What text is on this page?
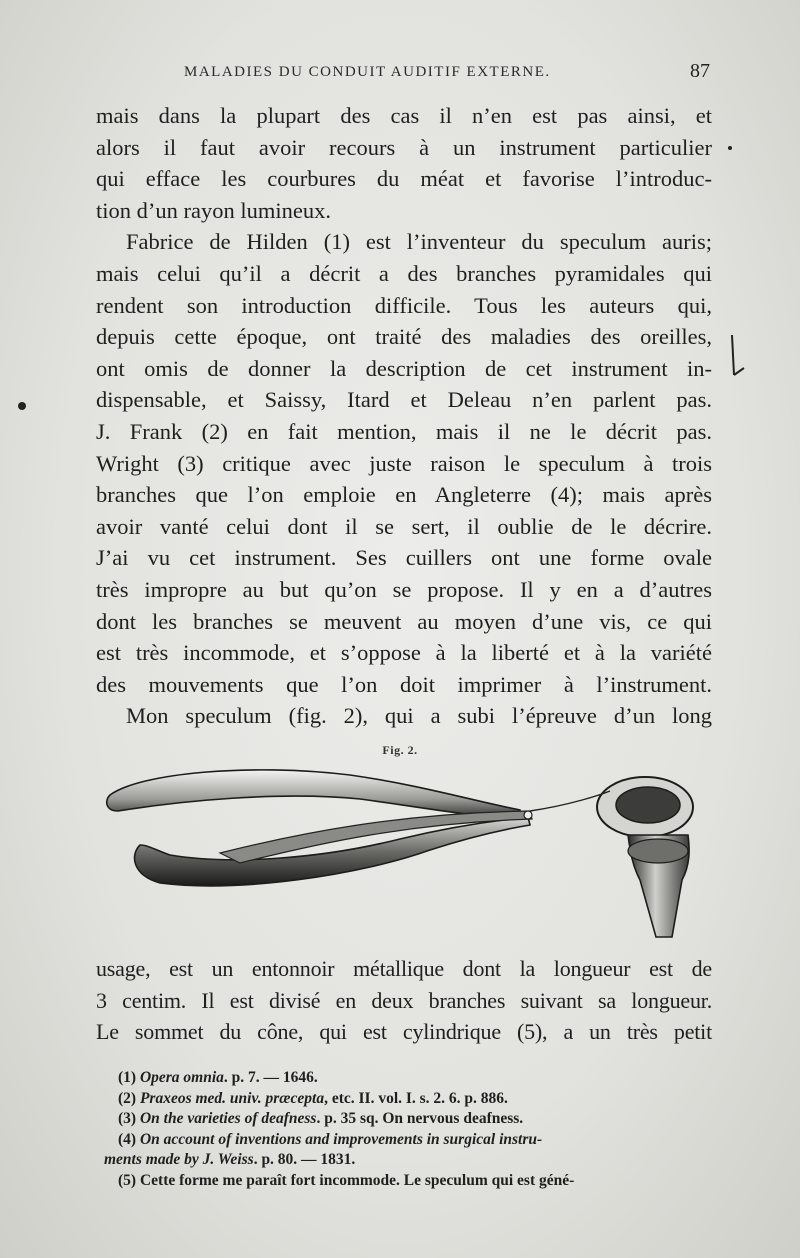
MALADIES DU CONDUIT AUDITIF EXTERNE.	87
mais dans la plupart des cas il n’en est pas ainsi, et
alors il faut avoir recours à un instrument particulier
qui efface les courbures du méat et favorise l’introduc-
tion d’un rayon lumineux.
Fabrice de Hilden (1) est l’inventeur du speculum auris;
mais celui qu’il a décrit a des branches pyramidales qui
rendent son introduction difficile. Tous les auteurs qui,
depuis cette époque, ont traité des maladies des oreilles,
ont omis de donner la description de cet instrument in-
dispensable, et Saissy, Itard et Deleau n’en parlent pas.
J. Frank (2) en fait mention, mais il ne le décrit pas.
Wright (3) critique avec juste raison le speculum à trois
branches que l’on emploie en Angleterre (4); mais après
avoir vanté celui dont il se sert, il oublie de le décrire.
J’ai vu cet instrument. Ses cuillers ont une forme ovale
très impropre au but qu’on se propose. Il y en a d’autres
dont les branches se meuvent au moyen d’une vis, ce qui
est très incommode, et s’oppose à la liberté et à la variété
des mouvements que l’on doit imprimer à l’instrument.
Mon speculum (fig. 2), qui a subi l’épreuve d’un long
Fig. 2.
usage, est un entonnoir métallique dont la longueur est de
3 centim. Il est divisé en deux branches suivant sa longueur.
Le sommet du cône, qui est cylindrique (5), a un très petit
(1) Opera omnia. p. 7. — 1646.
(2) Praxeos med. univ. præcepta, etc. II. vol. I. s. 2. 6. p. 886.
(3) On the varieties of deafness. p. 35 sq. On nervous deafness.
(4) On account of inventions and improvements in surgical instru-
ments made by J. Weiss. p. 80. — 1831.
(5) Cette forme me paraît fort incommode. Le speculum qui est géné-
